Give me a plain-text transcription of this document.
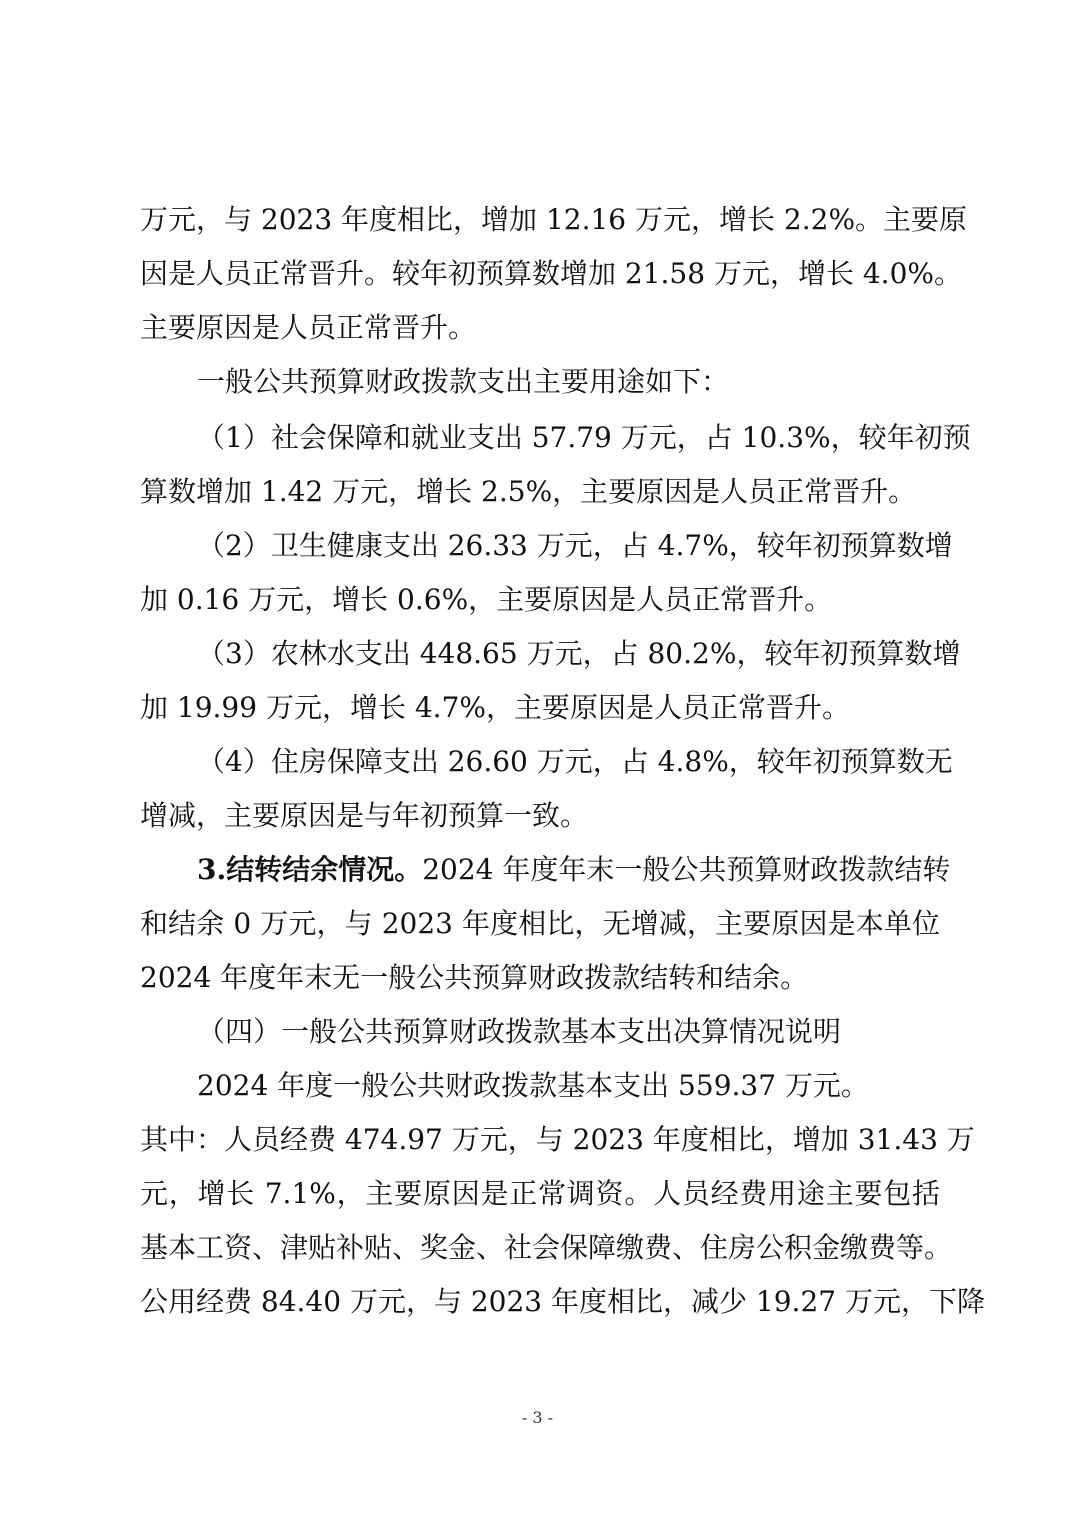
万元，与 2023 年度相比，增加 12.16 万元，增长 2.2%。主要原
因是人员正常晋升。较年初预算数增加 21.58 万元，增长 4.0%。
主要原因是人员正常晋升。
一般公共预算财政拨款支出主要用途如下：
（1）社会保障和就业支出 57.79 万元，占 10.3%，较年初预
算数增加 1.42 万元，增长 2.5%，主要原因是人员正常晋升。
（2）卫生健康支出 26.33 万元，占 4.7%，较年初预算数增
加 0.16 万元，增长 0.6%，主要原因是人员正常晋升。
（3）农林水支出 448.65 万元，占 80.2%，较年初预算数增
加 19.99 万元，增长 4.7%，主要原因是人员正常晋升。
（4）住房保障支出 26.60 万元，占 4.8%，较年初预算数无
增减，主要原因是与年初预算一致。
3.结转结余情况。2024 年度年末一般公共预算财政拨款结转
和结余 0 万元，与 2023 年度相比，无增减，主要原因是本单位
2024 年度年末无一般公共预算财政拨款结转和结余。
（四）一般公共预算财政拨款基本支出决算情况说明
2024 年度一般公共财政拨款基本支出 559.37 万元。
其中：人员经费 474.97 万元，与 2023 年度相比，增加 31.43 万
元，增长 7.1%，主要原因是正常调资。人员经费用途主要包括
基本工资、津贴补贴、奖金、社会保障缴费、住房公积金缴费等。
公用经费 84.40 万元，与 2023 年度相比，减少 19.27 万元，下降
- 3 -
